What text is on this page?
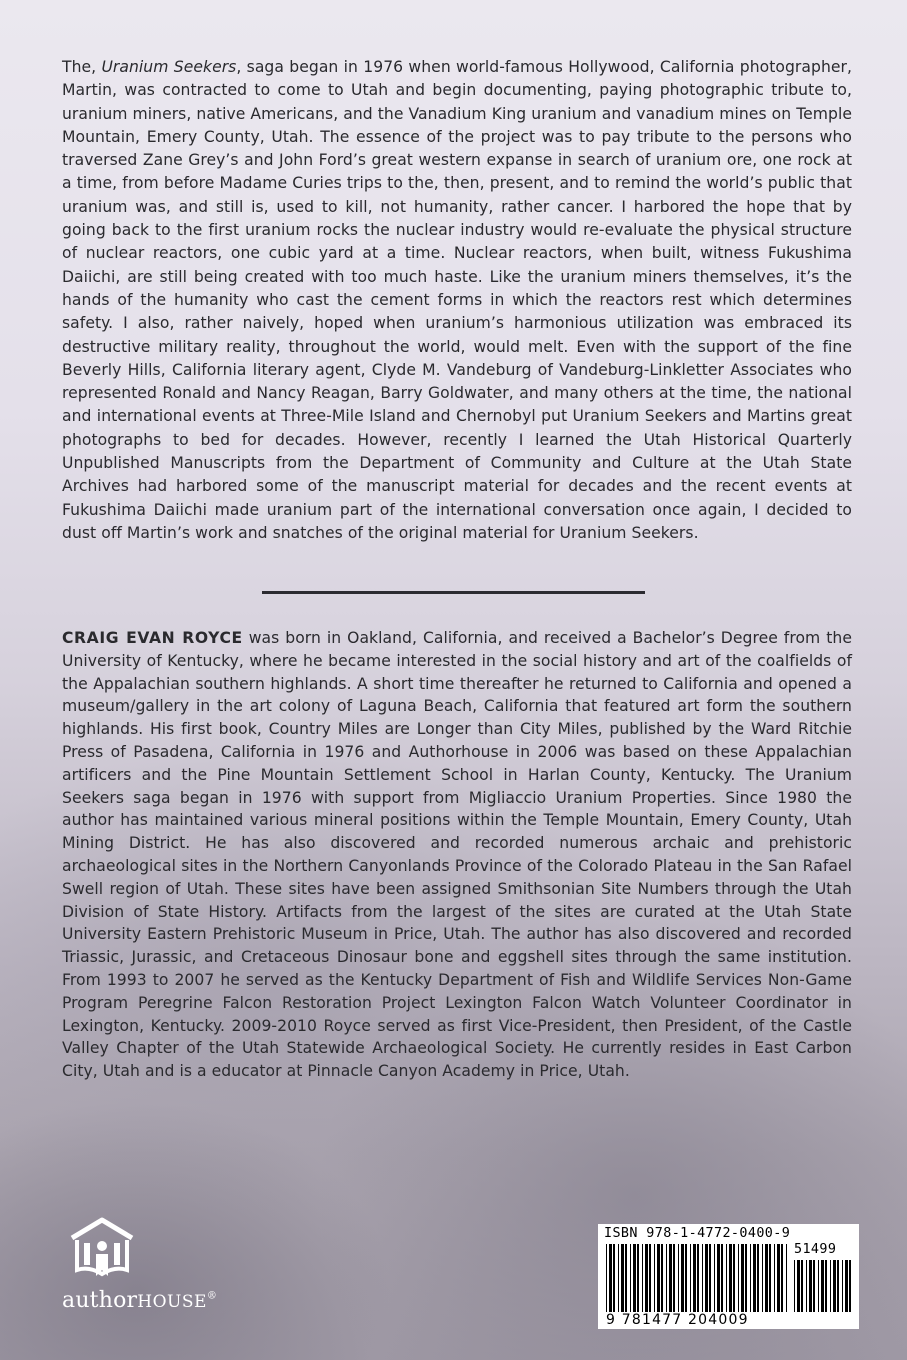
The, Uranium Seekers, saga began in 1976 when world-famous Hollywood, California photographer, Martin, was contracted to come to Utah and begin documenting, paying photographic tribute to, uranium miners, native Americans, and the Vanadium King uranium and vanadium mines on Temple Mountain, Emery County, Utah. The essence of the project was to pay tribute to the persons who traversed Zane Grey’s and John Ford’s great western expanse in search of uranium ore, one rock at a time, from before Madame Curies trips to the, then, present, and to remind the world’s public that uranium was, and still is, used to kill, not humanity, rather cancer. I harbored the hope that by going back to the first uranium rocks the nuclear industry would re-evaluate the physical structure of nuclear reactors, one cubic yard at a time. Nuclear reactors, when built, witness Fukushima Daiichi, are still being created with too much haste. Like the uranium miners themselves, it’s the hands of the humanity who cast the cement forms in which the reactors rest which determines safety. I also, rather naively, hoped when uranium’s harmonious utilization was embraced its destructive military reality, throughout the world, would melt. Even with the support of the fine Beverly Hills, California literary agent, Clyde M. Vandeburg of Vandeburg-Linkletter Associates who represented Ronald and Nancy Reagan, Barry Goldwater, and many others at the time, the national and international events at Three-Mile Island and Chernobyl put Uranium Seekers and Martins great photographs to bed for decades. However, recently I learned the Utah Historical Quarterly Unpublished Manuscripts from the Department of Community and Culture at the Utah State Archives had harbored some of the manuscript material for decades and the recent events at Fukushima Daiichi made uranium part of the international conversation once again, I decided to dust off Martin’s work and snatches of the original material for Uranium Seekers.
CRAIG EVAN ROYCE was born in Oakland, California, and received a Bachelor’s Degree from the University of Kentucky, where he became interested in the social history and art of the coalfields of the Appalachian southern highlands. A short time thereafter he returned to California and opened a museum/gallery in the art colony of Laguna Beach, California that featured art form the southern highlands. His first book, Country Miles are Longer than City Miles, published by the Ward Ritchie Press of Pasadena, California in 1976 and Authorhouse in 2006 was based on these Appalachian artificers and the Pine Mountain Settlement School in Harlan County, Kentucky. The Uranium Seekers saga began in 1976 with support from Migliaccio Uranium Properties. Since 1980 the author has maintained various mineral positions within the Temple Mountain, Emery County, Utah Mining District. He has also discovered and recorded numerous archaic and prehistoric archaeological sites in the Northern Canyonlands Province of the Colorado Plateau in the San Rafael Swell region of Utah. These sites have been assigned Smithsonian Site Numbers through the Utah Division of State History. Artifacts from the largest of the sites are curated at the Utah State University Eastern Prehistoric Museum in Price, Utah. The author has also discovered and recorded Triassic, Jurassic, and Cretaceous Dinosaur bone and eggshell sites through the same institution. From 1993 to 2007 he served as the Kentucky Department of Fish and Wildlife Services Non-Game Program Peregrine Falcon Restoration Project Lexington Falcon Watch Volunteer Coordinator in Lexington, Kentucky. 2009-2010 Royce served as first Vice-President, then President, of the Castle Valley Chapter of the Utah Statewide Archaeological Society. He currently resides in East Carbon City, Utah and is a educator at Pinnacle Canyon Academy in Price, Utah.
authorHOUSE®
ISBN 978-1-4772-0400-9
51499
9 781477 204009
